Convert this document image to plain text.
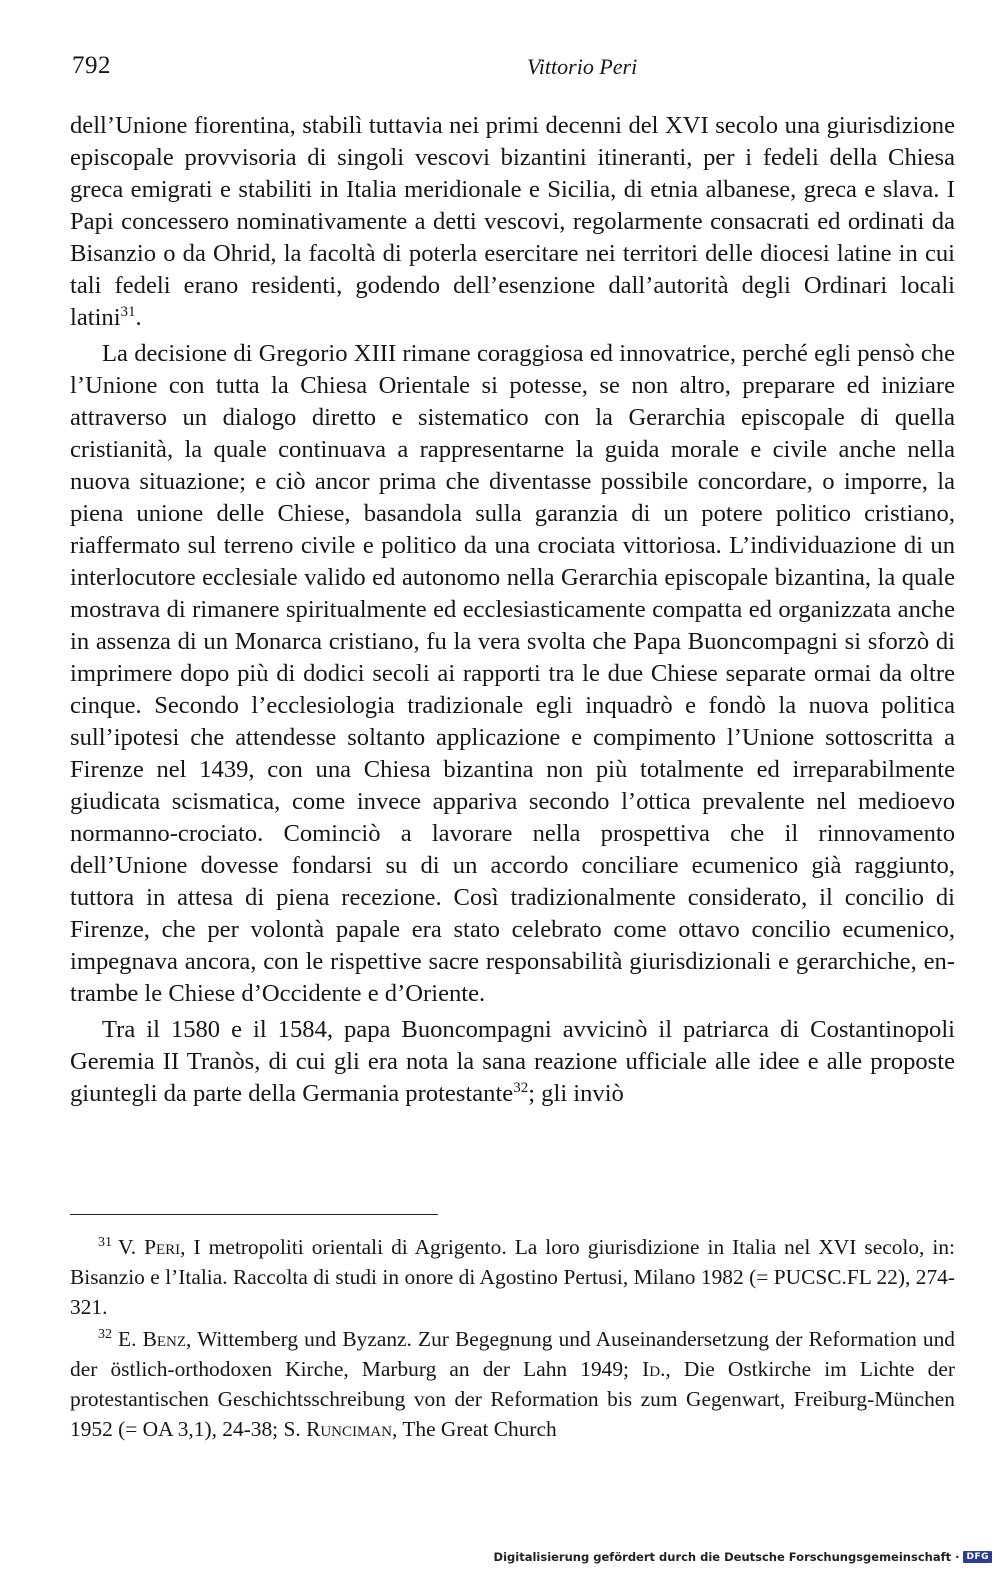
792	Vittorio Peri

dell’Unione fiorentina, stabilì tuttavia nei primi decenni del XVI secolo una giurisdizione episcopale provvisoria di singoli vescovi bizantini itineranti, per i fedeli della Chiesa greca emigrati e stabiliti in Italia meridionale e Sicilia, di etnia albanese, greca e slava. I Papi concessero nominativamente a detti vescovi, regolarmente consacrati ed ordinati da Bisanzio o da Ohrid, la facoltà di poterla esercitare nei territori delle diocesi latine in cui tali fedeli erano residenti, godendo dell’esenzione dall’autorità degli Ordinari locali latini$^{31}$.

La decisione di Gregorio XIII rimane coraggiosa ed innovatrice, perché egli pensò che l’Unione con tutta la Chiesa Orientale si potesse, se non altro, preparare ed iniziare attraverso un dialogo diretto e sistematico con la Gerarchia episcopale di quella cristianità, la quale continuava a rappresentarne la guida morale e civile anche nella nuova situazione; e ciò ancor prima che diventasse possibile concordare, o imporre, la piena unione delle Chiese, basandola sulla garanzia di un potere politico cristiano, riaffermato sul terreno civile e politico da una crociata vittoriosa. L’individuazione di un interlocutore ecclesiale valido ed autonomo nella Gerarchia episcopale bizantina, la quale mostrava di rimanere spiritualmente ed ecclesiasticamente compatta ed organizzata anche in assenza di un Monarca cristiano, fu la vera svolta che Papa Buoncompagni si sforzò di imprimere dopo più di dodici secoli ai rapporti tra le due Chiese separate ormai da oltre cinque. Secondo l’ecclesiologia tradizionale egli inquadrò e fondò la nuova politica sull’ipotesi che attendesse soltanto applicazione e compimento l’Unione sottoscritta a Firenze nel 1439, con una Chiesa bizantina non più totalmente ed irreparabilmente giudicata scismatica, come invece appariva secondo l’ottica prevalente nel medioevo normanno-crociato. Cominciò a lavorare nella prospettiva che il rinnovamento dell’Unione dovesse fondarsi su di un accordo conciliare ecumenico già raggiunto, tuttora in attesa di piena recezione. Così tradizionalmente considerato, il concilio di Firenze, che per volontà papale era stato celebrato come ottavo concilio ecumenico, impegnava ancora, con le rispettive sacre responsabilità giurisdizionali e gerarchiche, entrambe le Chiese d’Occidente e d’Oriente.

Tra il 1580 e il 1584, papa Buoncompagni avvicinò il patriarca di Costantinopoli Geremia II Tranòs, di cui gli era nota la sana reazione ufficiale alle idee e alle proposte giuntegli da parte della Germania protestante$^{32}$; gli inviò

$^{31}$ V. Peri, I metropoliti orientali di Agrigento. La loro giurisdizione in Italia nel XVI secolo, in: Bisanzio e l’Italia. Raccolta di studi in onore di Agostino Pertusi, Milano 1982 (= PUCSC.FL 22), 274-321.

$^{32}$ E. Benz, Wittemberg und Byzanz. Zur Begegnung und Auseinandersetzung der Reformation und der östlich-orthodoxen Kirche, Marburg an der Lahn 1949; Id., Die Ostkirche im Lichte der protestantischen Geschichtsschreibung von der Reformation bis zum Gegenwart, Freiburg-München 1952 (= OA 3,1), 24-38; S. Runciman, The Great Church

Digitalisierung gefördert durch die Deutsche Forschungsgemeinschaft · DFG
